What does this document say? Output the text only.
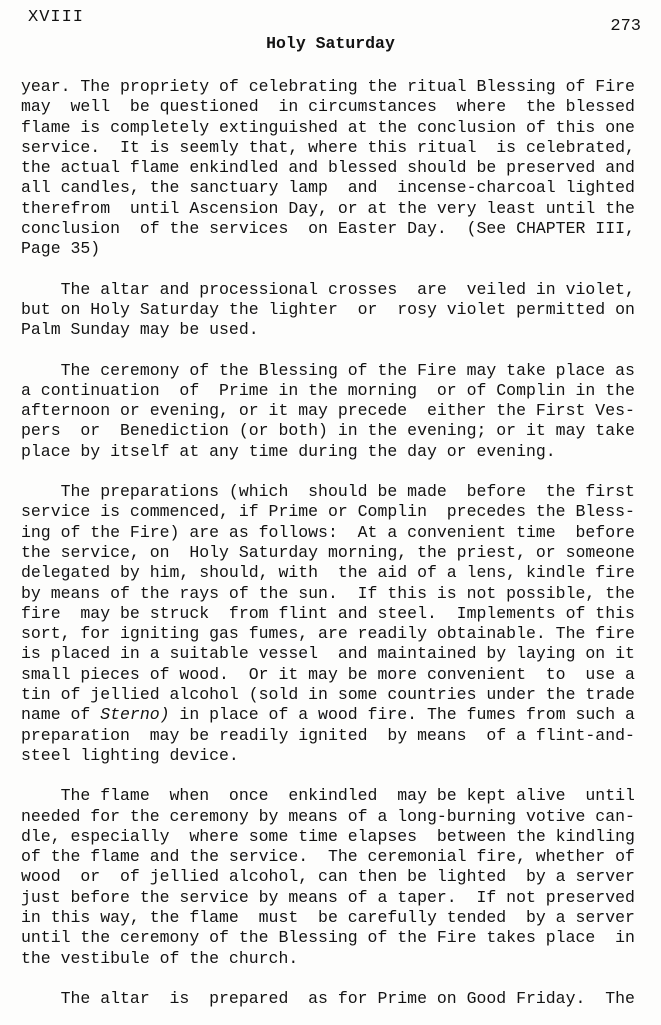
XVIII	273
Holy Saturday
year. The propriety of celebrating the ritual Blessing of Fire
may  well  be questioned  in circumstances  where  the blessed
flame is completely extinguished at the conclusion of this one
service.  It is seemly that, where this ritual  is celebrated,
the actual flame enkindled and blessed should be preserved and
all candles, the sanctuary lamp  and  incense-charcoal lighted
therefrom  until Ascension Day, or at the very least until the
conclusion  of the services  on Easter Day.  (See CHAPTER III,
Page 35)
The altar and processional crosses  are  veiled in violet,
but on Holy Saturday the lighter  or  rosy violet permitted on
Palm Sunday may be used.
The ceremony of the Blessing of the Fire may take place as
a continuation  of  Prime in the morning  or of Complin in the
afternoon or evening, or it may precede  either the First Ves-
pers  or  Benediction (or both) in the evening; or it may take
place by itself at any time during the day or evening.
The preparations (which  should be made  before  the first
service is commenced, if Prime or Complin  precedes the Bless-
ing of the Fire) are as follows:  At a convenient time  before
the service, on  Holy Saturday morning, the priest, or someone
delegated by him, should, with  the aid of a lens, kindle fire
by means of the rays of the sun.  If this is not possible, the
fire  may be struck  from flint and steel.  Implements of this
sort, for igniting gas fumes, are readily obtainable. The fire
is placed in a suitable vessel  and maintained by laying on it
small pieces of wood.  Or it may be more convenient  to  use a
tin of jellied alcohol (sold in some countries under the trade
name of Sterno) in place of a wood fire. The fumes from such a
preparation  may be readily ignited  by means  of a flint-and-
steel lighting device.
The flame  when  once  enkindled  may be kept alive  until
needed for the ceremony by means of a long-burning votive can-
dle, especially  where some time elapses  between the kindling
of the flame and the service.  The ceremonial fire, whether of
wood  or  of jellied alcohol, can then be lighted  by a server
just before the service by means of a taper.  If not preserved
in this way, the flame  must  be carefully tended  by a server
until the ceremony of the Blessing of the Fire takes place  in
the vestibule of the church.
The altar  is  prepared  as for Prime on Good Friday.  The
